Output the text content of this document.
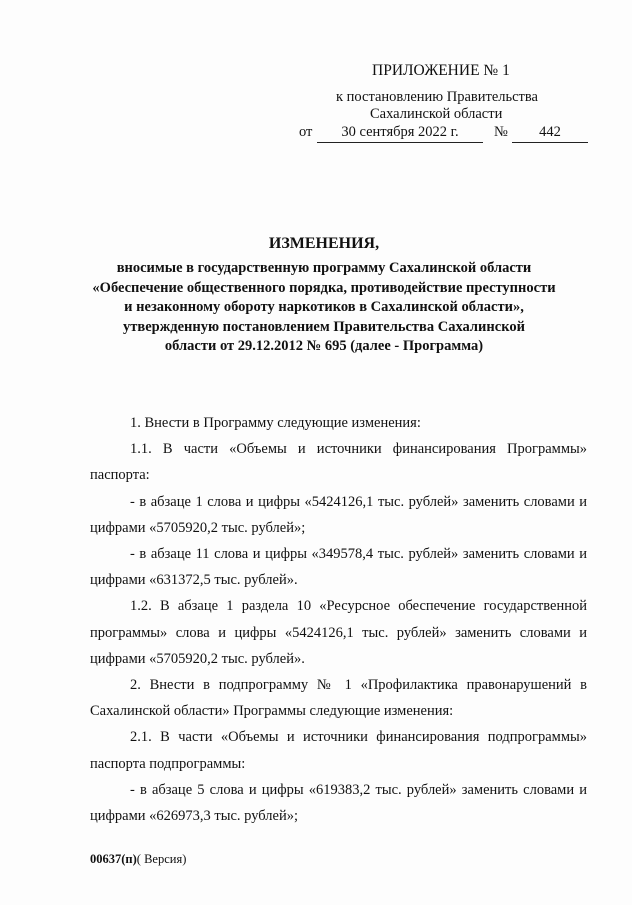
ПРИЛОЖЕНИЕ № 1
к постановлению Правительства
Сахалинской области
от	30 сентября 2022 г.	№	442
ИЗМЕНЕНИЯ,
вносимые в государственную программу Сахалинской области
«Обеспечение общественного порядка, противодействие преступности
и незаконному обороту наркотиков в Сахалинской области»,
утвержденную постановлением Правительства Сахалинской
области от 29.12.2012 № 695 (далее - Программа)

1. Внести в Программу следующие изменения:

1.1. В части «Объемы и источники финансирования Программы» паспорта:

- в абзаце 1 слова и цифры «5424126,1 тыс. рублей» заменить словами и цифрами «5705920,2 тыс. рублей»;

- в абзаце 11 слова и цифры «349578,4 тыс. рублей» заменить словами и цифрами «631372,5 тыс. рублей».

1.2. В абзаце 1 раздела 10 «Ресурсное обеспечение государственной программы» слова и цифры «5424126,1 тыс. рублей» заменить словами и цифрами «5705920,2 тыс. рублей».

2. Внести в подпрограмму № 1 «Профилактика правонарушений в Сахалинской области» Программы следующие изменения:

2.1. В части «Объемы и источники финансирования подпрограммы» паспорта подпрограммы:

- в абзаце 5 слова и цифры «619383,2 тыс. рублей» заменить словами и цифрами «626973,3 тыс. рублей»;

00637(п)( Версия)
